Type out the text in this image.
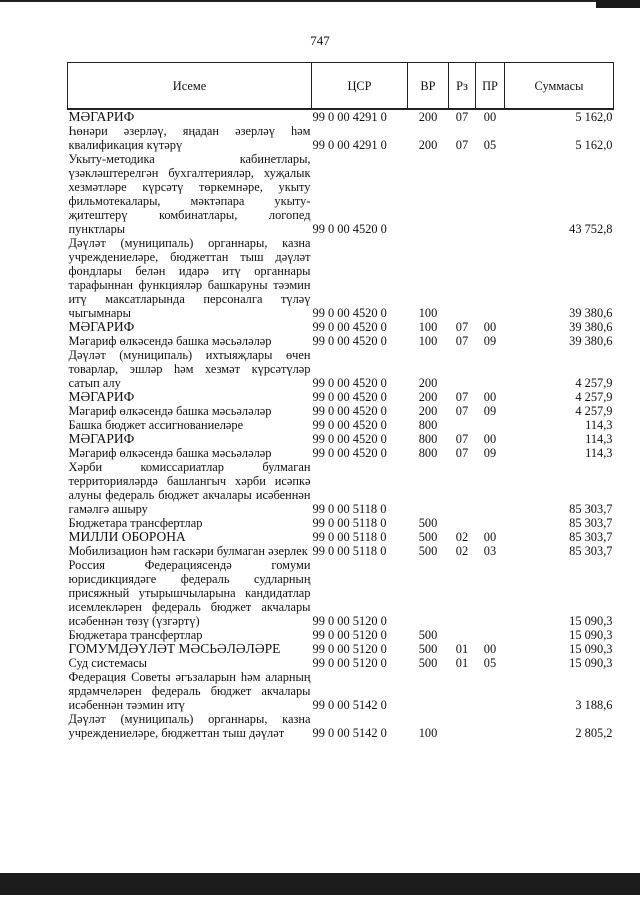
747
Исеме	ЦСР	ВР	Рз	ПР	Суммасы
МӘГАРИФ	99 0 00 4291 0	200	07	00	5 162,0
Һөнәри әзерләү, яңадан әзерләү һәм квалификация күтәрү	99 0 00 4291 0	200	07	05	5 162,0
Укыту-методика кабинетлары, үзәкләштерелгән бухгалтерияләр, хуҗалык хезмәтләре күрсәтү төркемнәре, укыту фильмотекалары, мәктәпара укыту-җитештерү комбинатлары, логопед пунктлары	99 0 00 4520 0				43 752,8
Дәүләт (муниципаль) органнары, казна учреждениеләре, бюджеттан тыш дәүләт фондлары белән идарә итү органнары тарафыннан функцияләр башкаруны тәэмин итү максатларында персоналга түләү чыгымнары	99 0 00 4520 0	100			39 380,6
МӘГАРИФ	99 0 00 4520 0	100	07	00	39 380,6
Мәгариф өлкәсендә башка мәсьәләләр	99 0 00 4520 0	100	07	09	39 380,6
Дәүләт (муниципаль) ихтыяҗлары өчен товарлар, эшләр һәм хезмәт күрсәтүләр сатып алу	99 0 00 4520 0	200			4 257,9
МӘГАРИФ	99 0 00 4520 0	200	07	00	4 257,9
Мәгариф өлкәсендә башка мәсьәләләр	99 0 00 4520 0	200	07	09	4 257,9
Башка бюджет ассигнованиеләре	99 0 00 4520 0	800			114,3
МӘГАРИФ	99 0 00 4520 0	800	07	00	114,3
Мәгариф өлкәсендә башка мәсьәләләр	99 0 00 4520 0	800	07	09	114,3
Хәрби комиссариатлар булмаган территорияләрдә башлангыч хәрби исәпкә алуны федераль бюджет акчалары исәбеннән гамәлгә ашыру	99 0 00 5118 0				85 303,7
Бюджетара трансфертлар	99 0 00 5118 0	500			85 303,7
МИЛЛИ ОБОРОНА	99 0 00 5118 0	500	02	00	85 303,7
Мобилизацион һәм гаскәри булмаган әзерлек	99 0 00 5118 0	500	02	03	85 303,7
Россия Федерациясендә гомуми юрисдикциядәге федераль судларның присяжный утырышчыларына кандидатлар исемлекләрен федераль бюджет акчалары исәбеннән төзү (үзгәртү)	99 0 00 5120 0				15 090,3
Бюджетара трансфертлар	99 0 00 5120 0	500			15 090,3
ГОМУМДӘҮЛӘТ МӘСЬӘЛӘЛӘРЕ	99 0 00 5120 0	500	01	00	15 090,3
Суд системасы	99 0 00 5120 0	500	01	05	15 090,3
Федерация Советы әгъзаларын һәм аларның ярдәмчеләрен федераль бюджет акчалары исәбеннән тәэмин итү	99 0 00 5142 0				3 188,6
Дәүләт (муниципаль) органнары, казна учреждениеләре, бюджеттан тыш дәүләт	99 0 00 5142 0	100			2 805,2
